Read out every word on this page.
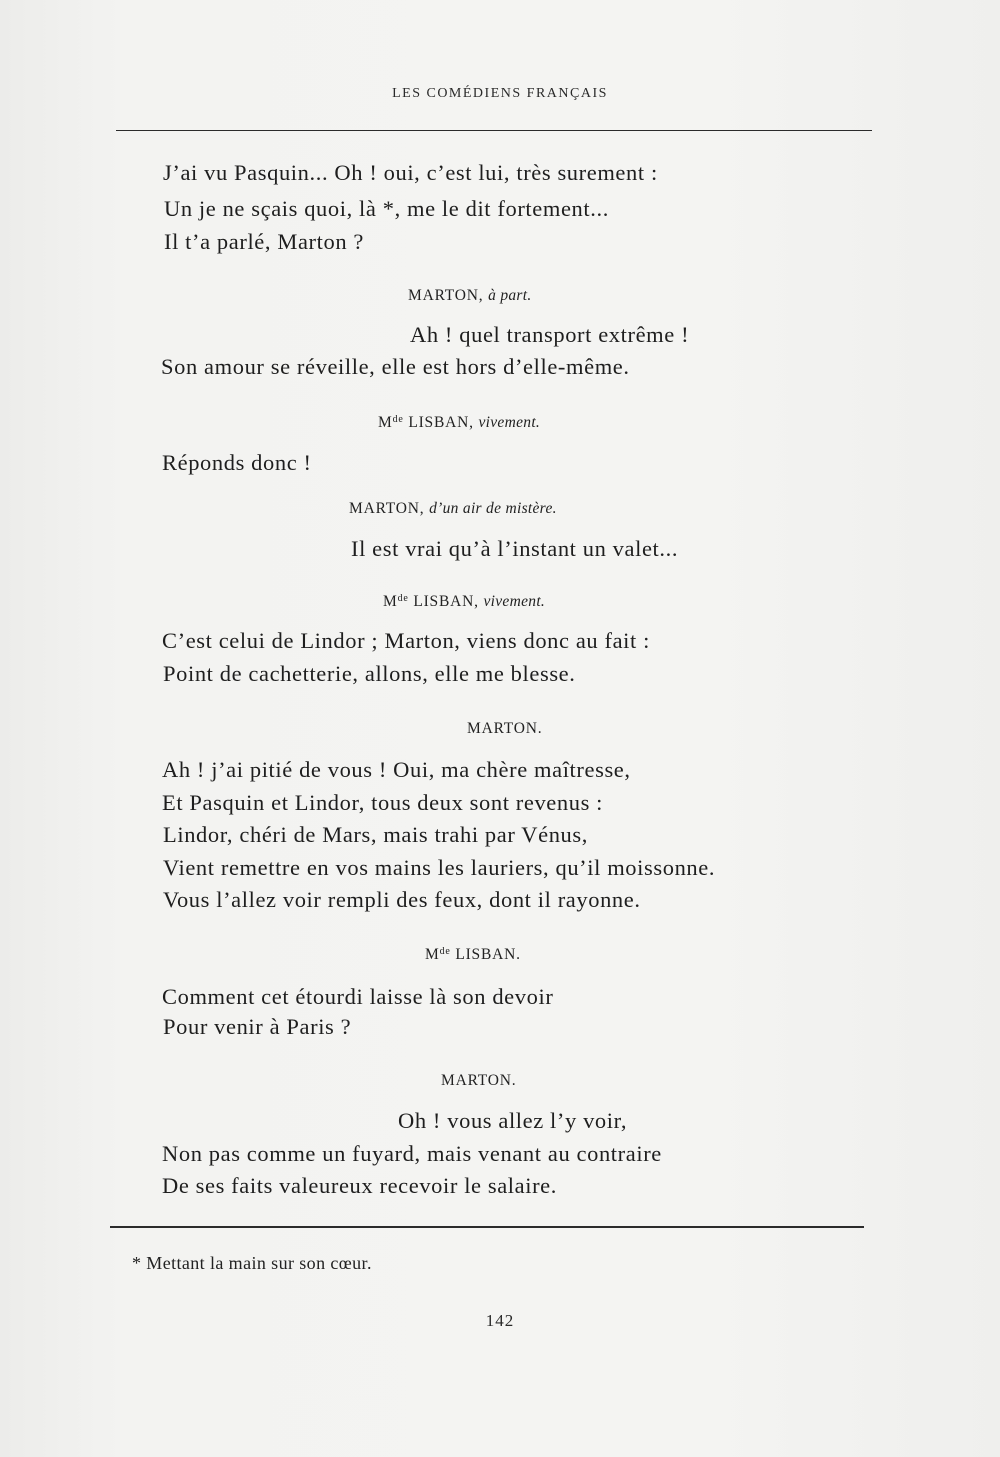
LES COMÉDIENS FRANÇAIS
J’ai vu Pasquin... Oh ! oui, c’est lui, très surement :
Un je ne sçais quoi, là *, me le dit fortement...
Il t’a parlé, Marton ?
MARTON, à part.
Ah ! quel transport extrême !
Son amour se réveille, elle est hors d’elle-même.
Mde LISBAN, vivement.
Réponds donc !
MARTON, d’un air de mistère.
Il est vrai qu’à l’instant un valet...
Mde LISBAN, vivement.
C’est celui de Lindor ; Marton, viens donc au fait :
Point de cachetterie, allons, elle me blesse.
MARTON.
Ah ! j’ai pitié de vous ! Oui, ma chère maîtresse,
Et Pasquin et Lindor, tous deux sont revenus :
Lindor, chéri de Mars, mais trahi par Vénus,
Vient remettre en vos mains les lauriers, qu’il moissonne.
Vous l’allez voir rempli des feux, dont il rayonne.
Mde LISBAN.
Comment cet étourdi laisse là son devoir
Pour venir à Paris ?
MARTON.
Oh ! vous allez l’y voir,
Non pas comme un fuyard, mais venant au contraire
De ses faits valeureux recevoir le salaire.
* Mettant la main sur son cœur.
142
